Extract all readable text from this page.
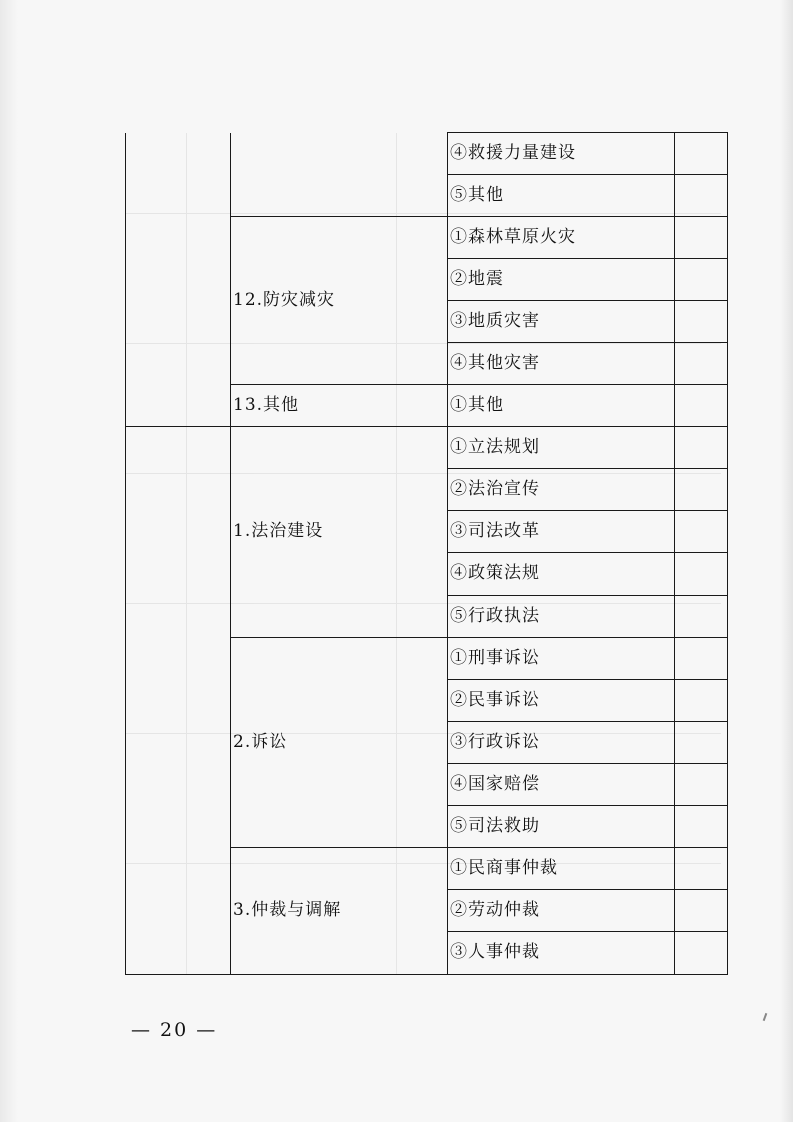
		④救援力量建设	
		⑤其他	
	12.防灾减灾	①森林草原火灾	
		②地震	
		③地质灾害	
		④其他灾害	
	13.其他	①其他	
	1.法治建设	①立法规划	
		②法治宣传	
		③司法改革	
		④政策法规	
		⑤行政执法	
	2.诉讼	①刑事诉讼	
		②民事诉讼	
		③行政诉讼	
		④国家赔偿	
		⑤司法救助	
	3.仲裁与调解	①民商事仲裁	
		②劳动仲裁	
		③人事仲裁	
— 20 —
